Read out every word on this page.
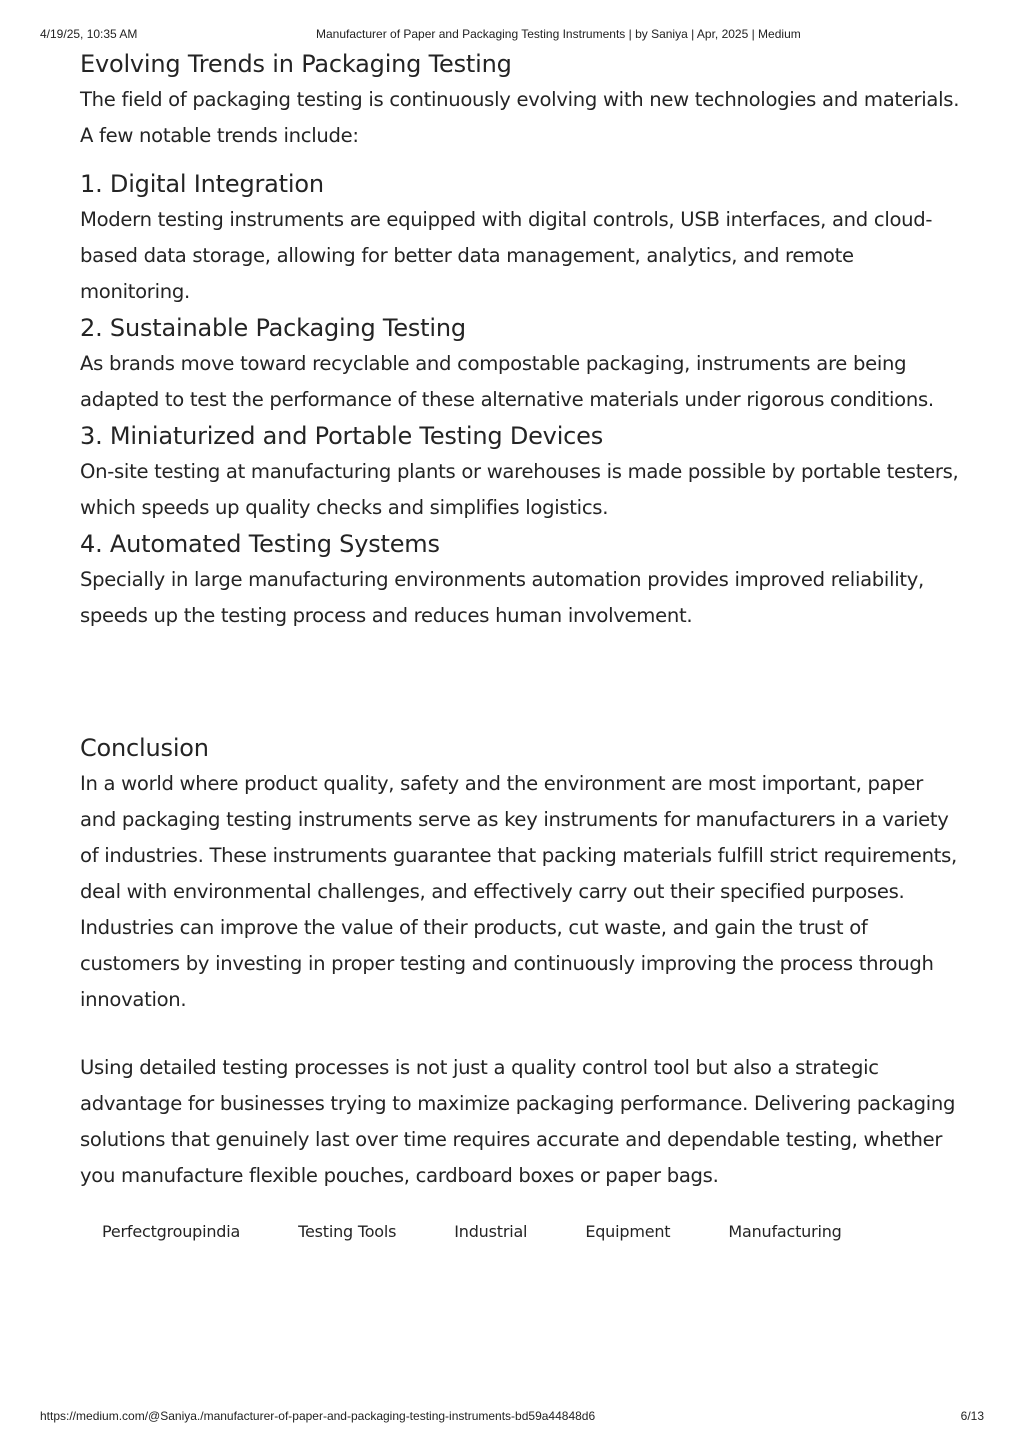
4/19/25, 10:35 AM	Manufacturer of Paper and Packaging Testing Instruments | by Saniya | Apr, 2025 | Medium
Evolving Trends in Packaging Testing

The field of packaging testing is continuously evolving with new technologies and materials. A few notable trends include:

1. Digital Integration

Modern testing instruments are equipped with digital controls, USB interfaces, and cloud-based data storage, allowing for better data management, analytics, and remote monitoring.

2. Sustainable Packaging Testing

As brands move toward recyclable and compostable packaging, instruments are being adapted to test the performance of these alternative materials under rigorous conditions.

3. Miniaturized and Portable Testing Devices

On-site testing at manufacturing plants or warehouses is made possible by portable testers, which speeds up quality checks and simplifies logistics.

4. Automated Testing Systems

Specially in large manufacturing environments automation provides improved reliability, speeds up the testing process and reduces human involvement.

Conclusion

In a world where product quality, safety and the environment are most important, paper and packaging testing instruments serve as key instruments for manufacturers in a variety of industries. These instruments guarantee that packing materials fulfill strict requirements, deal with environmental challenges, and effectively carry out their specified purposes. Industries can improve the value of their products, cut waste, and gain the trust of customers by investing in proper testing and continuously improving the process through innovation.

Using detailed testing processes is not just a quality control tool but also a strategic advantage for businesses trying to maximize packaging performance. Delivering packaging solutions that genuinely last over time requires accurate and dependable testing, whether you manufacture flexible pouches, cardboard boxes or paper bags.

Perfectgroupindia	Testing Tools	Industrial	Equipment	Manufacturing
https://medium.com/@Saniya./manufacturer-of-paper-and-packaging-testing-instruments-bd59a44848d6	6/13
